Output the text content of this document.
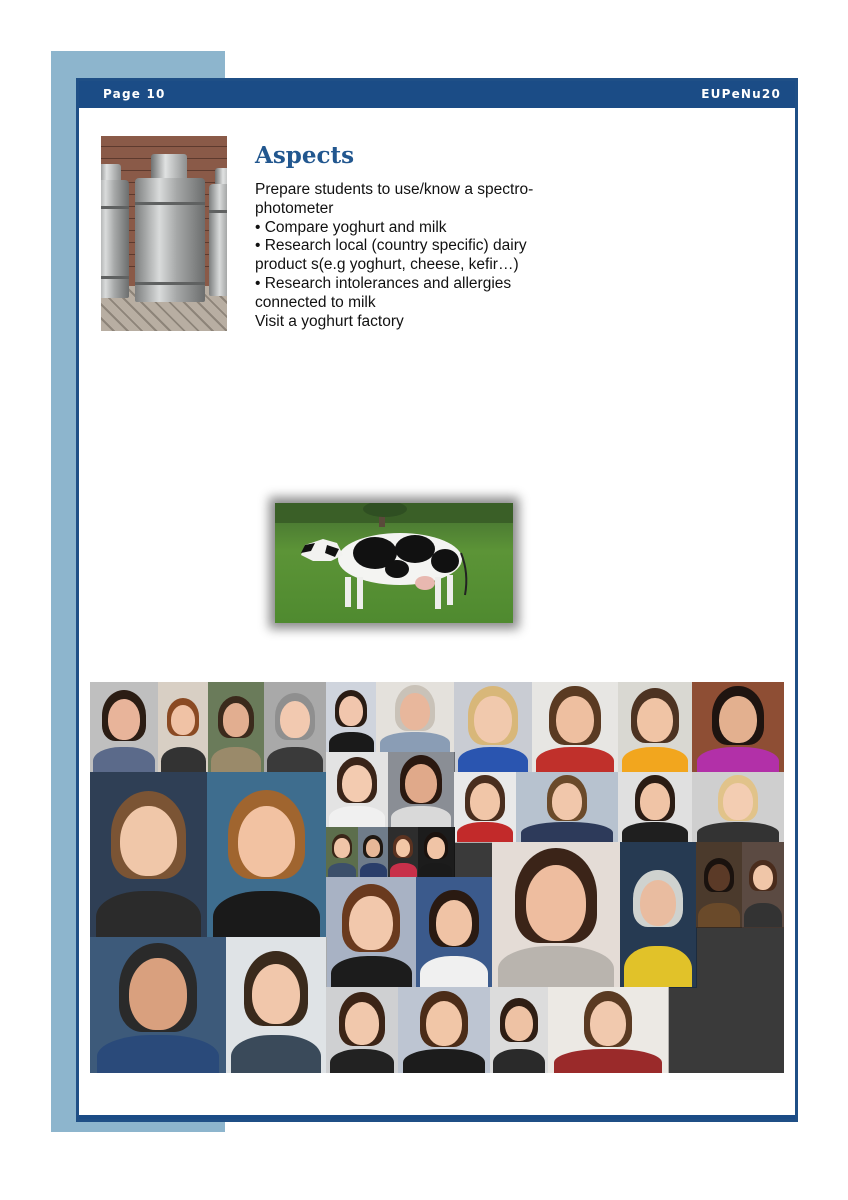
Page 10	EUPeNu20
Aspects
Prepare students to use/know a spectro-
photometer
• Compare yoghurt and milk
• Research local (country specific) dairy
product s(e.g yoghurt, cheese, kefir…)
• Research intolerances and allergies
connected to milk
Visit a yoghurt factory
